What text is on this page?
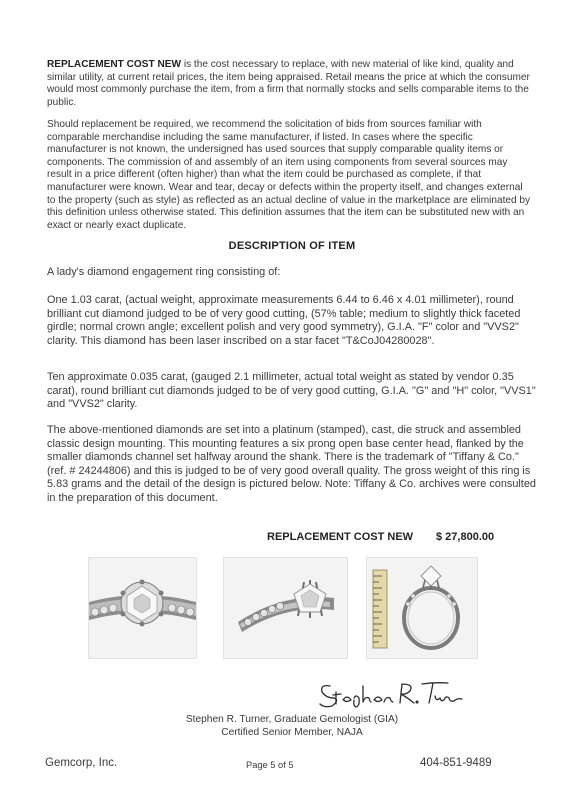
REPLACEMENT COST NEW is the cost necessary to replace, with new material of like kind, quality and similar utility, at current retail prices, the item being appraised. Retail means the price at which the consumer would most commonly purchase the item, from a firm that normally stocks and sells comparable items to the public.

Should replacement be required, we recommend the solicitation of bids from sources familiar with comparable merchandise including the same manufacturer, if listed. In cases where the specific manufacturer is not known, the undersigned has used sources that supply comparable quality items or components. The commission of and assembly of an item using components from several sources may result in a price different (often higher) than what the item could be purchased as complete, if that manufacturer were known. Wear and tear, decay or defects within the property itself, and changes external to the property (such as style) as reflected as an actual decline of value in the marketplace are eliminated by this definition unless otherwise stated. This definition assumes that the item can be substituted new with an exact or nearly exact duplicate.

DESCRIPTION OF ITEM

A lady's diamond engagement ring consisting of:

One 1.03 carat, (actual weight, approximate measurements 6.44 to 6.46 x 4.01 millimeter), round brilliant cut diamond judged to be of very good cutting, (57% table; medium to slightly thick faceted girdle; normal crown angle; excellent polish and very good symmetry), G.I.A. "F" color and "VVS2" clarity. This diamond has been laser inscribed on a star facet "T&CoJ04280028".

Ten approximate 0.035 carat, (gauged 2.1 millimeter, actual total weight as stated by vendor 0.35 carat), round brilliant cut diamonds judged to be of very good cutting, G.I.A. "G" and "H" color, "VVS1" and "VVS2" clarity.

The above-mentioned diamonds are set into a platinum (stamped), cast, die struck and assembled classic design mounting. This mounting features a six prong open base center head, flanked by the smaller diamonds channel set halfway around the shank. There is the trademark of "Tiffany & Co." (ref. # 24244806) and this is judged to be of very good overall quality. The gross weight of this ring is 5.83 grams and the detail of the design is pictured below. Note: Tiffany & Co. archives were consulted in the preparation of this document.

REPLACEMENT COST NEW $ 27,800.00
Stephen R. Turner, Graduate Gemologist (GIA)
Certified Senior Member, NAJA
Gemcorp, Inc.	Page 5 of 5	404-851-9489
